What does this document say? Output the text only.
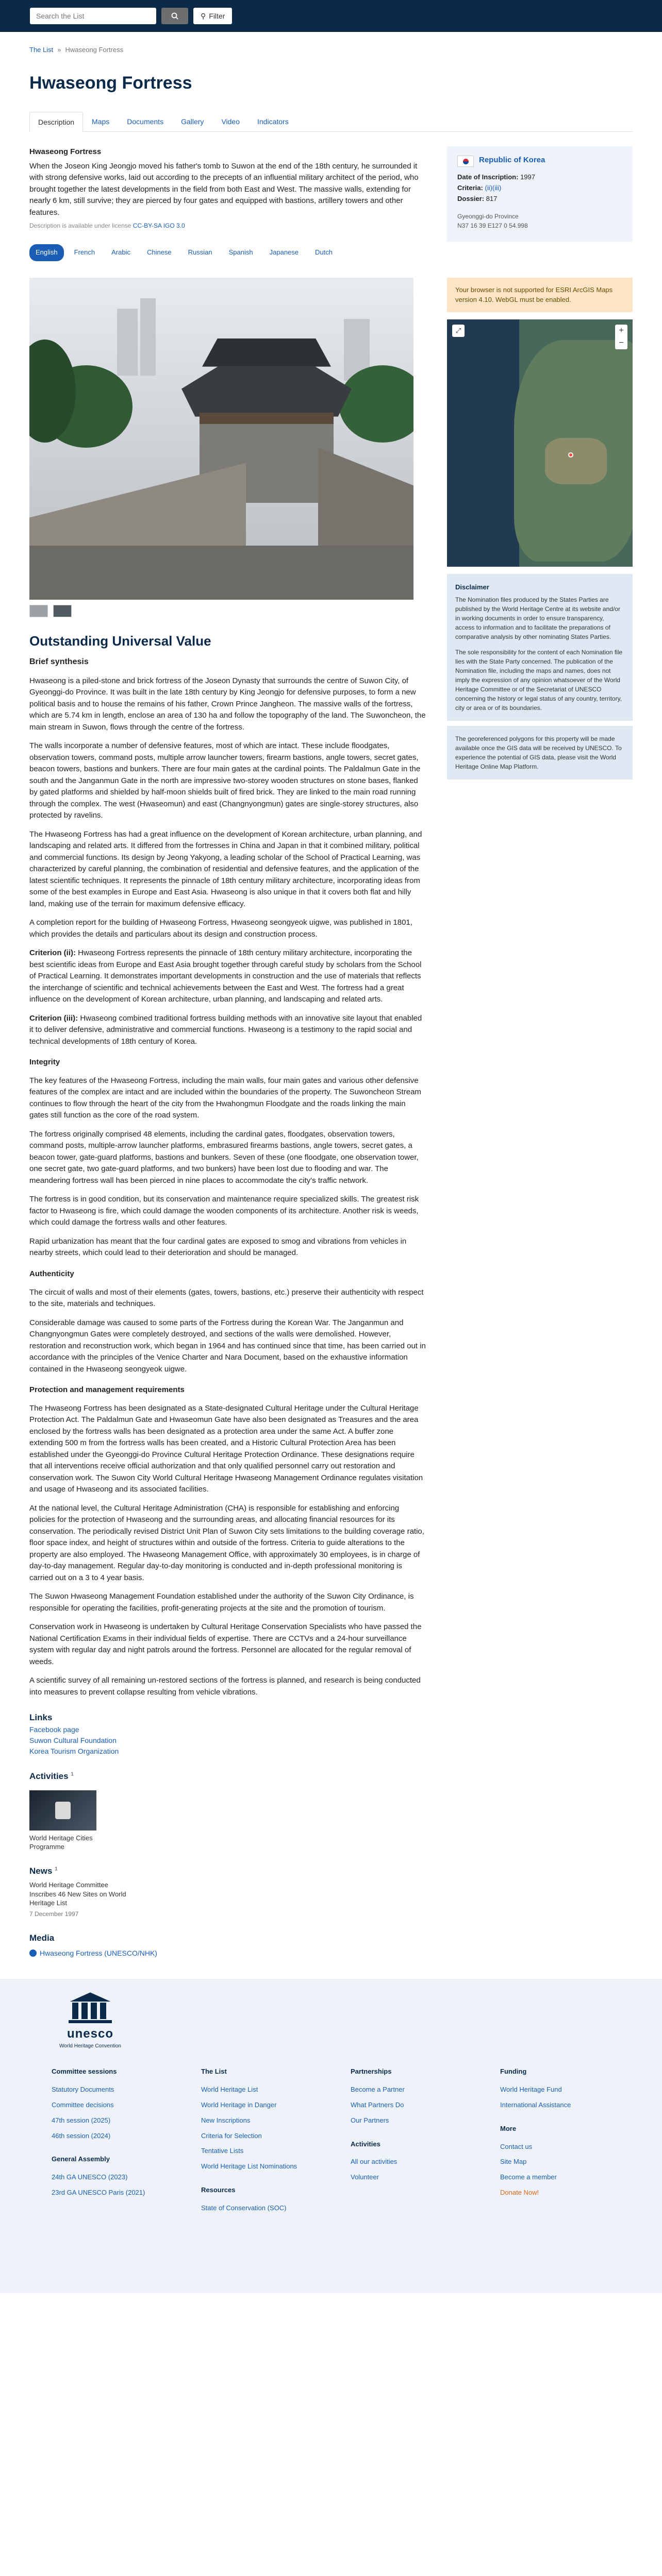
Search the List	⚲ Filter
The List » Hwaseong Fortress
Hwaseong Fortress
Description	Maps	Documents	Gallery	Video	Indicators
Hwaseong Fortress

When the Joseon King Jeongjo moved his father's tomb to Suwon at the end of the 18th century, he surrounded it with strong defensive works, laid out according to the precepts of an influential military architect of the period, who brought together the latest developments in the field from both East and West. The massive walls, extending for nearly 6 km, still survive; they are pierced by four gates and equipped with bastions, artillery towers and other features.

Description is available under license CC-BY-SA IGO 3.0
English	French	Arabic	Chinese	Russian	Spanish	Japanese	Dutch
Republic of Korea
Date of Inscription: 1997
Criteria: (ii)(iii)
Dossier: 817
Gyeonggi-do Province
N37 16 39 E127 0 54.998
Outstanding Universal Value
Brief synthesis

Hwaseong is a piled-stone and brick fortress of the Joseon Dynasty that surrounds the centre of Suwon City, of Gyeonggi-do Province. It was built in the late 18th century by King Jeongjo for defensive purposes, to form a new political basis and to house the remains of his father, Crown Prince Jangheon. The massive walls of the fortress, which are 5.74 km in length, enclose an area of 130 ha and follow the topography of the land. The Suwoncheon, the main stream in Suwon, flows through the centre of the fortress.

The walls incorporate a number of defensive features, most of which are intact. These include floodgates, observation towers, command posts, multiple arrow launcher towers, firearm bastions, angle towers, secret gates, beacon towers, bastions and bunkers. There are four main gates at the cardinal points. The Paldalmun Gate in the south and the Janganmun Gate in the north are impressive two-storey wooden structures on stone bases, flanked by gated platforms and shielded by half-moon shields built of fired brick. They are linked to the main road running through the complex. The west (Hwaseomun) and east (Changnyongmun) gates are single-storey structures, also protected by ravelins.

The Hwaseong Fortress has had a great influence on the development of Korean architecture, urban planning, and landscaping and related arts. It differed from the fortresses in China and Japan in that it combined military, political and commercial functions. Its design by Jeong Yakyong, a leading scholar of the School of Practical Learning, was characterized by careful planning, the combination of residential and defensive features, and the application of the latest scientific techniques. It represents the pinnacle of 18th century military architecture, incorporating ideas from some of the best examples in Europe and East Asia. Hwaseong is also unique in that it covers both flat and hilly land, making use of the terrain for maximum defensive efficacy.

A completion report for the building of Hwaseong Fortress, Hwaseong seongyeok uigwe, was published in 1801, which provides the details and particulars about its design and construction process.

Criterion (ii): Hwaseong Fortress represents the pinnacle of 18th century military architecture, incorporating the best scientific ideas from Europe and East Asia brought together through careful study by scholars from the School of Practical Learning. It demonstrates important developments in construction and the use of materials that reflects the interchange of scientific and technical achievements between the East and West. The fortress had a great influence on the development of Korean architecture, urban planning, and landscaping and related arts.

Criterion (iii): Hwaseong combined traditional fortress building methods with an innovative site layout that enabled it to deliver defensive, administrative and commercial functions. Hwaseong is a testimony to the rapid social and technical developments of 18th century of Korea.

Integrity

The key features of the Hwaseong Fortress, including the main walls, four main gates and various other defensive features of the complex are intact and are included within the boundaries of the property. The Suwoncheon Stream continues to flow through the heart of the city from the Hwahongmun Floodgate and the roads linking the main gates still function as the core of the road system.

The fortress originally comprised 48 elements, including the cardinal gates, floodgates, observation towers, command posts, multiple-arrow launcher platforms, embrasured firearms bastions, angle towers, secret gates, a beacon tower, gate-guard platforms, bastions and bunkers. Seven of these (one floodgate, one observation tower, one secret gate, two gate-guard platforms, and two bunkers) have been lost due to flooding and war. The meandering fortress wall has been pierced in nine places to accommodate the city's traffic network.

The fortress is in good condition, but its conservation and maintenance require specialized skills. The greatest risk factor to Hwaseong is fire, which could damage the wooden components of its architecture. Another risk is weeds, which could damage the fortress walls and other features.

Rapid urbanization has meant that the four cardinal gates are exposed to smog and vibrations from vehicles in nearby streets, which could lead to their deterioration and should be managed.

Authenticity

The circuit of walls and most of their elements (gates, towers, bastions, etc.) preserve their authenticity with respect to the site, materials and techniques.

Considerable damage was caused to some parts of the Fortress during the Korean War. The Janganmun and Changnyongmun Gates were completely destroyed, and sections of the walls were demolished. However, restoration and reconstruction work, which began in 1964 and has continued since that time, has been carried out in accordance with the principles of the Venice Charter and Nara Document, based on the exhaustive information contained in the Hwaseong seongyeok uigwe.

Protection and management requirements

The Hwaseong Fortress has been designated as a State-designated Cultural Heritage under the Cultural Heritage Protection Act. The Paldalmun Gate and Hwaseomun Gate have also been designated as Treasures and the area enclosed by the fortress walls has been designated as a protection area under the same Act. A buffer zone extending 500 m from the fortress walls has been created, and a Historic Cultural Protection Area has been established under the Gyeonggi-do Province Cultural Heritage Protection Ordinance. These designations require that all interventions receive official authorization and that only qualified personnel carry out restoration and conservation work. The Suwon City World Cultural Heritage Hwaseong Management Ordinance regulates visitation and usage of Hwaseong and its associated facilities.

At the national level, the Cultural Heritage Administration (CHA) is responsible for establishing and enforcing policies for the protection of Hwaseong and the surrounding areas, and allocating financial resources for its conservation. The periodically revised District Unit Plan of Suwon City sets limitations to the building coverage ratio, floor space index, and height of structures within and outside of the fortress. Criteria to guide alterations to the property are also employed. The Hwaseong Management Office, with approximately 30 employees, is in charge of day-to-day management. Regular day-to-day monitoring is conducted and in-depth professional monitoring is carried out on a 3 to 4 year basis.

The Suwon Hwaseong Management Foundation established under the authority of the Suwon City Ordinance, is responsible for operating the facilities, profit-generating projects at the site and the promotion of tourism.

Conservation work in Hwaseong is undertaken by Cultural Heritage Conservation Specialists who have passed the National Certification Exams in their individual fields of expertise. There are CCTVs and a 24-hour surveillance system with regular day and night patrols around the fortress. Personnel are allocated for the regular removal of weeds.

A scientific survey of all remaining un-restored sections of the fortress is planned, and research is being conducted into measures to prevent collapse resulting from vehicle vibrations.

Links
Facebook page
Suwon Cultural Foundation
Korea Tourism Organization
Activities $^1$
World Heritage Cities Programme
News $^1$
World Heritage Committee Inscribes 46 New Sites on World Heritage List
7 December 1997
Media
Hwaseong Fortress (UNESCO/NHK)
Your browser is not supported for ESRI ArcGIS Maps version 4.10. WebGL must be enabled.
⤢	+
−
Disclaimer

The Nomination files produced by the States Parties are published by the World Heritage Centre at its website and/or in working documents in order to ensure transparency, access to information and to facilitate the preparations of comparative analysis by other nominating States Parties.

The sole responsibility for the content of each Nomination file lies with the State Party concerned. The publication of the Nomination file, including the maps and names, does not imply the expression of any opinion whatsoever of the World Heritage Committee or of the Secretariat of UNESCO concerning the history or legal status of any country, territory, city or area or of its boundaries.

The georeferenced polygons for this property will be made available once the GIS data will be received by UNESCO. To experience the potential of GIS data, please visit the World Heritage Online Map Platform.
unesco
World Heritage Convention
Committee sessions
Statutory Documents
Committee decisions
47th session (2025)
46th session (2024)
General Assembly
24th GA UNESCO (2023)
23rd GA UNESCO Paris (2021)
The List
World Heritage List
World Heritage in Danger
New Inscriptions
Criteria for Selection
Tentative Lists
World Heritage List Nominations
Resources
State of Conservation (SOC)
Partnerships
Become a Partner
What Partners Do
Our Partners
Activities
All our activities
Volunteer
Funding
World Heritage Fund
International Assistance
More
Contact us
Site Map
Become a member
Donate Now!
